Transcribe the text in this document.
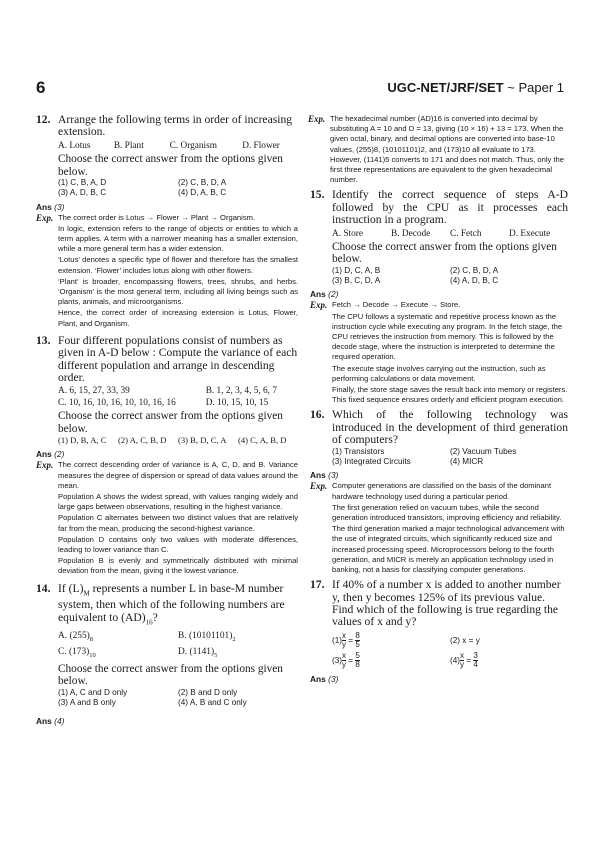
6	UGC-NET/JRF/SET ~ Paper 1
12. Arrange the following terms in order of increasing extension.
A. Lotus	B. Plant	C. Organism	D. Flower
Choose the correct answer from the options given below.
(1) C, B, A, D	(2) C, B, D, A
(3) A, D, B, C	(4) D, A, B, C
Ans (3)
Exp. The correct order is Lotus → Flower → Plant → Organism.

In logic, extension refers to the range of objects or entities to which a term applies. A term with a narrower meaning has a smaller extension, while a more general term has a wider extension.

‘Lotus’ denotes a specific type of flower and therefore has the smallest extension. ‘Flower’ includes lotus along with other flowers.

‘Plant’ is broader, encompassing flowers, trees, shrubs, and herbs. ‘Organism’ is the most general term, including all living beings such as plants, animals, and microorganisms.

Hence, the correct order of increasing extension is Lotus, Flower, Plant, and Organism.

13. Four different populations consist of numbers as given in A-D below : Compute the variance of each different population and arrange in descending order.
A. 6, 15, 27, 33, 39	B. 1, 2, 3, 4, 5, 6, 7
C. 10, 16, 10, 16, 10, 10, 16, 16	D. 10, 15, 10, 15
Choose the correct answer from the options given below.
(1) D, B, A, C	(2) A, C, B, D	(3) B, D, C, A	(4) C, A, B, D
Ans (2)
Exp. The correct descending order of variance is A, C, D, and B. Variance measures the degree of dispersion or spread of data values around the mean.

Population A shows the widest spread, with values ranging widely and large gaps between observations, resulting in the highest variance.

Population C alternates between two distinct values that are relatively far from the mean, producing the second-highest variance.

Population D contains only two values with moderate differences, leading to lower variance than C.

Population B is evenly and symmetrically distributed with minimal deviation from the mean, giving it the lowest variance.

14. If $(L)_M$ represents a number L in base-M number system, then which of the following numbers are equivalent to $(AD)_{16}$?
A. $(255)_8$	B. $(10101101)_2$
C. $(173)_{10}$	D. $(1141)_5$
Choose the correct answer from the options given below.
(1) A, C and D only	(2) B and D only
(3) A and B only	(4) A, B and C only
Ans (4)
Exp. The hexadecimal number (AD)16 is converted into decimal by substituting A = 10 and D = 13, giving (10 × 16) + 13 = 173. When the given octal, binary, and decimal options are converted into base-10 values, (255)8, (10101101)2, and (173)10 all evaluate to 173. However, (1141)5 converts to 171 and does not match. Thus, only the first three representations are equivalent to the given hexadecimal number.

15. Identify the correct sequence of steps A-D followed by the CPU as it processes each instruction in a program.
A. Store	B. Decode	C. Fetch	D. Execute
Choose the correct answer from the options given below.
(1) D, C, A, B	(2) C, B, D, A
(3) B, C, D, A	(4) A, D, B, C
Ans (2)
Exp. Fetch → Decode → Execute → Store.

The CPU follows a systematic and repetitive process known as the instruction cycle while executing any program. In the fetch stage, the CPU retrieves the instruction from memory. This is followed by the decode stage, where the instruction is interpreted to determine the required operation.

The execute stage involves carrying out the instruction, such as performing calculations or data movement.

Finally, the store stage saves the result back into memory or registers. This fixed sequence ensures orderly and efficient program execution.

16. Which of the following technology was introduced in the development of third generation of computers?
(1) Transistors	(2) Vacuum Tubes
(3) Integrated Circuits	(4) MICR
Ans (3)
Exp. Computer generations are classified on the basis of the dominant hardware technology used during a particular period.

The first generation relied on vacuum tubes, while the second generation introduced transistors, improving efficiency and reliability.

The third generation marked a major technological advancement with the use of integrated circuits, which significantly reduced size and increased processing speed. Microprocessors belong to the fourth generation, and MICR is merely an application technology used in banking, not a basis for classifying computer generations.

17. If 40% of a number x is added to another number y, then y becomes 125% of its previous value. Find which of the following is true regarding the values of x and y?
$(1) \frac{x}{y} = \frac{8}{5}$	(2) x = y
$(3) \frac{x}{y} = \frac{5}{8}$	$(4) \frac{x}{y} = \frac{3}{4}$
Ans (3)
